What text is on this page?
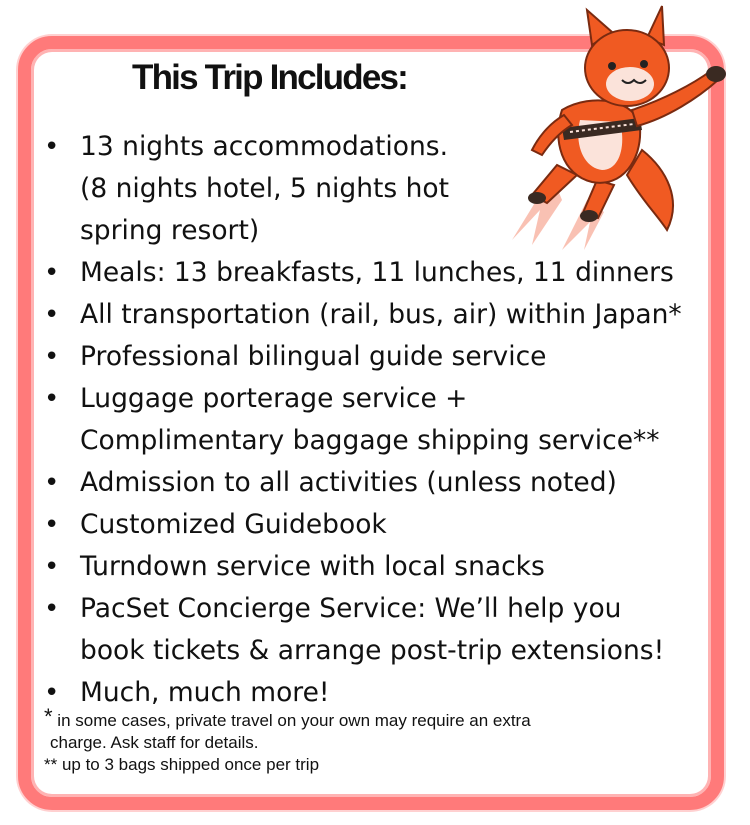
This Trip Includes:
• 13 nights accommodations.
(8 nights hotel, 5 nights hot
spring resort)
• Meals: 13 breakfasts, 11 lunches, 11 dinners
• All transportation (rail, bus, air) within Japan*
• Professional bilingual guide service
• Luggage porterage service +
Complimentary baggage shipping service**
• Admission to all activities (unless noted)
• Customized Guidebook
• Turndown service with local snacks
• PacSet Concierge Service: We’ll help you
book tickets & arrange post-trip extensions!
• Much, much more!
* in some cases, private travel on your own may require an extra
charge. Ask staff for details.
** up to 3 bags shipped once per trip
